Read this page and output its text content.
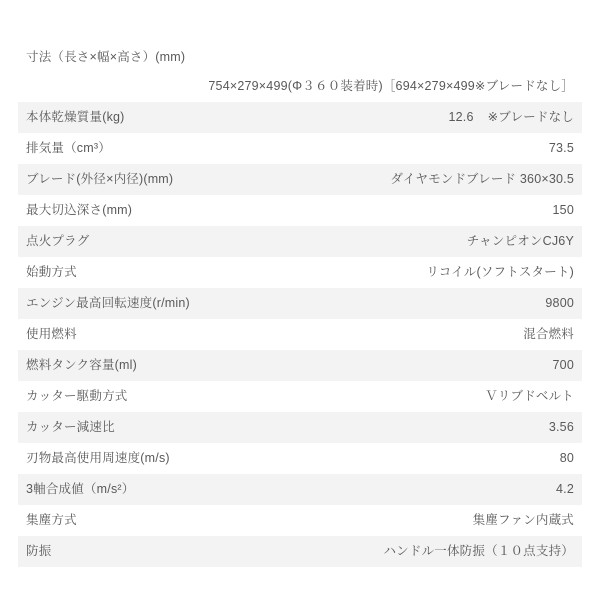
寸法（長さ×幅×高さ）(mm)	
754×279×499(Φ３６０装着時)［694×279×499※ブレードなし］	
本体乾燥質量(kg)	12.6 ※ブレードなし
排気量（cm³）	73.5
ブレード(外径×内径)(mm)	ダイヤモンドブレード 360×30.5
最大切込深さ(mm)	150
点火プラグ	チャンピオンCJ6Y
始動方式	リコイル(ソフトスタート)
エンジン最高回転速度(r/min)	9800
使用燃料	混合燃料
燃料タンク容量(ml)	700
カッター駆動方式	Ｖリブドベルト
カッター減速比	3.56
刃物最高使用周速度(m/s)	80
3軸合成値（m/s²）	4.2
集塵方式	集塵ファン内蔵式
防振	ハンドル一体防振（１０点支持）
